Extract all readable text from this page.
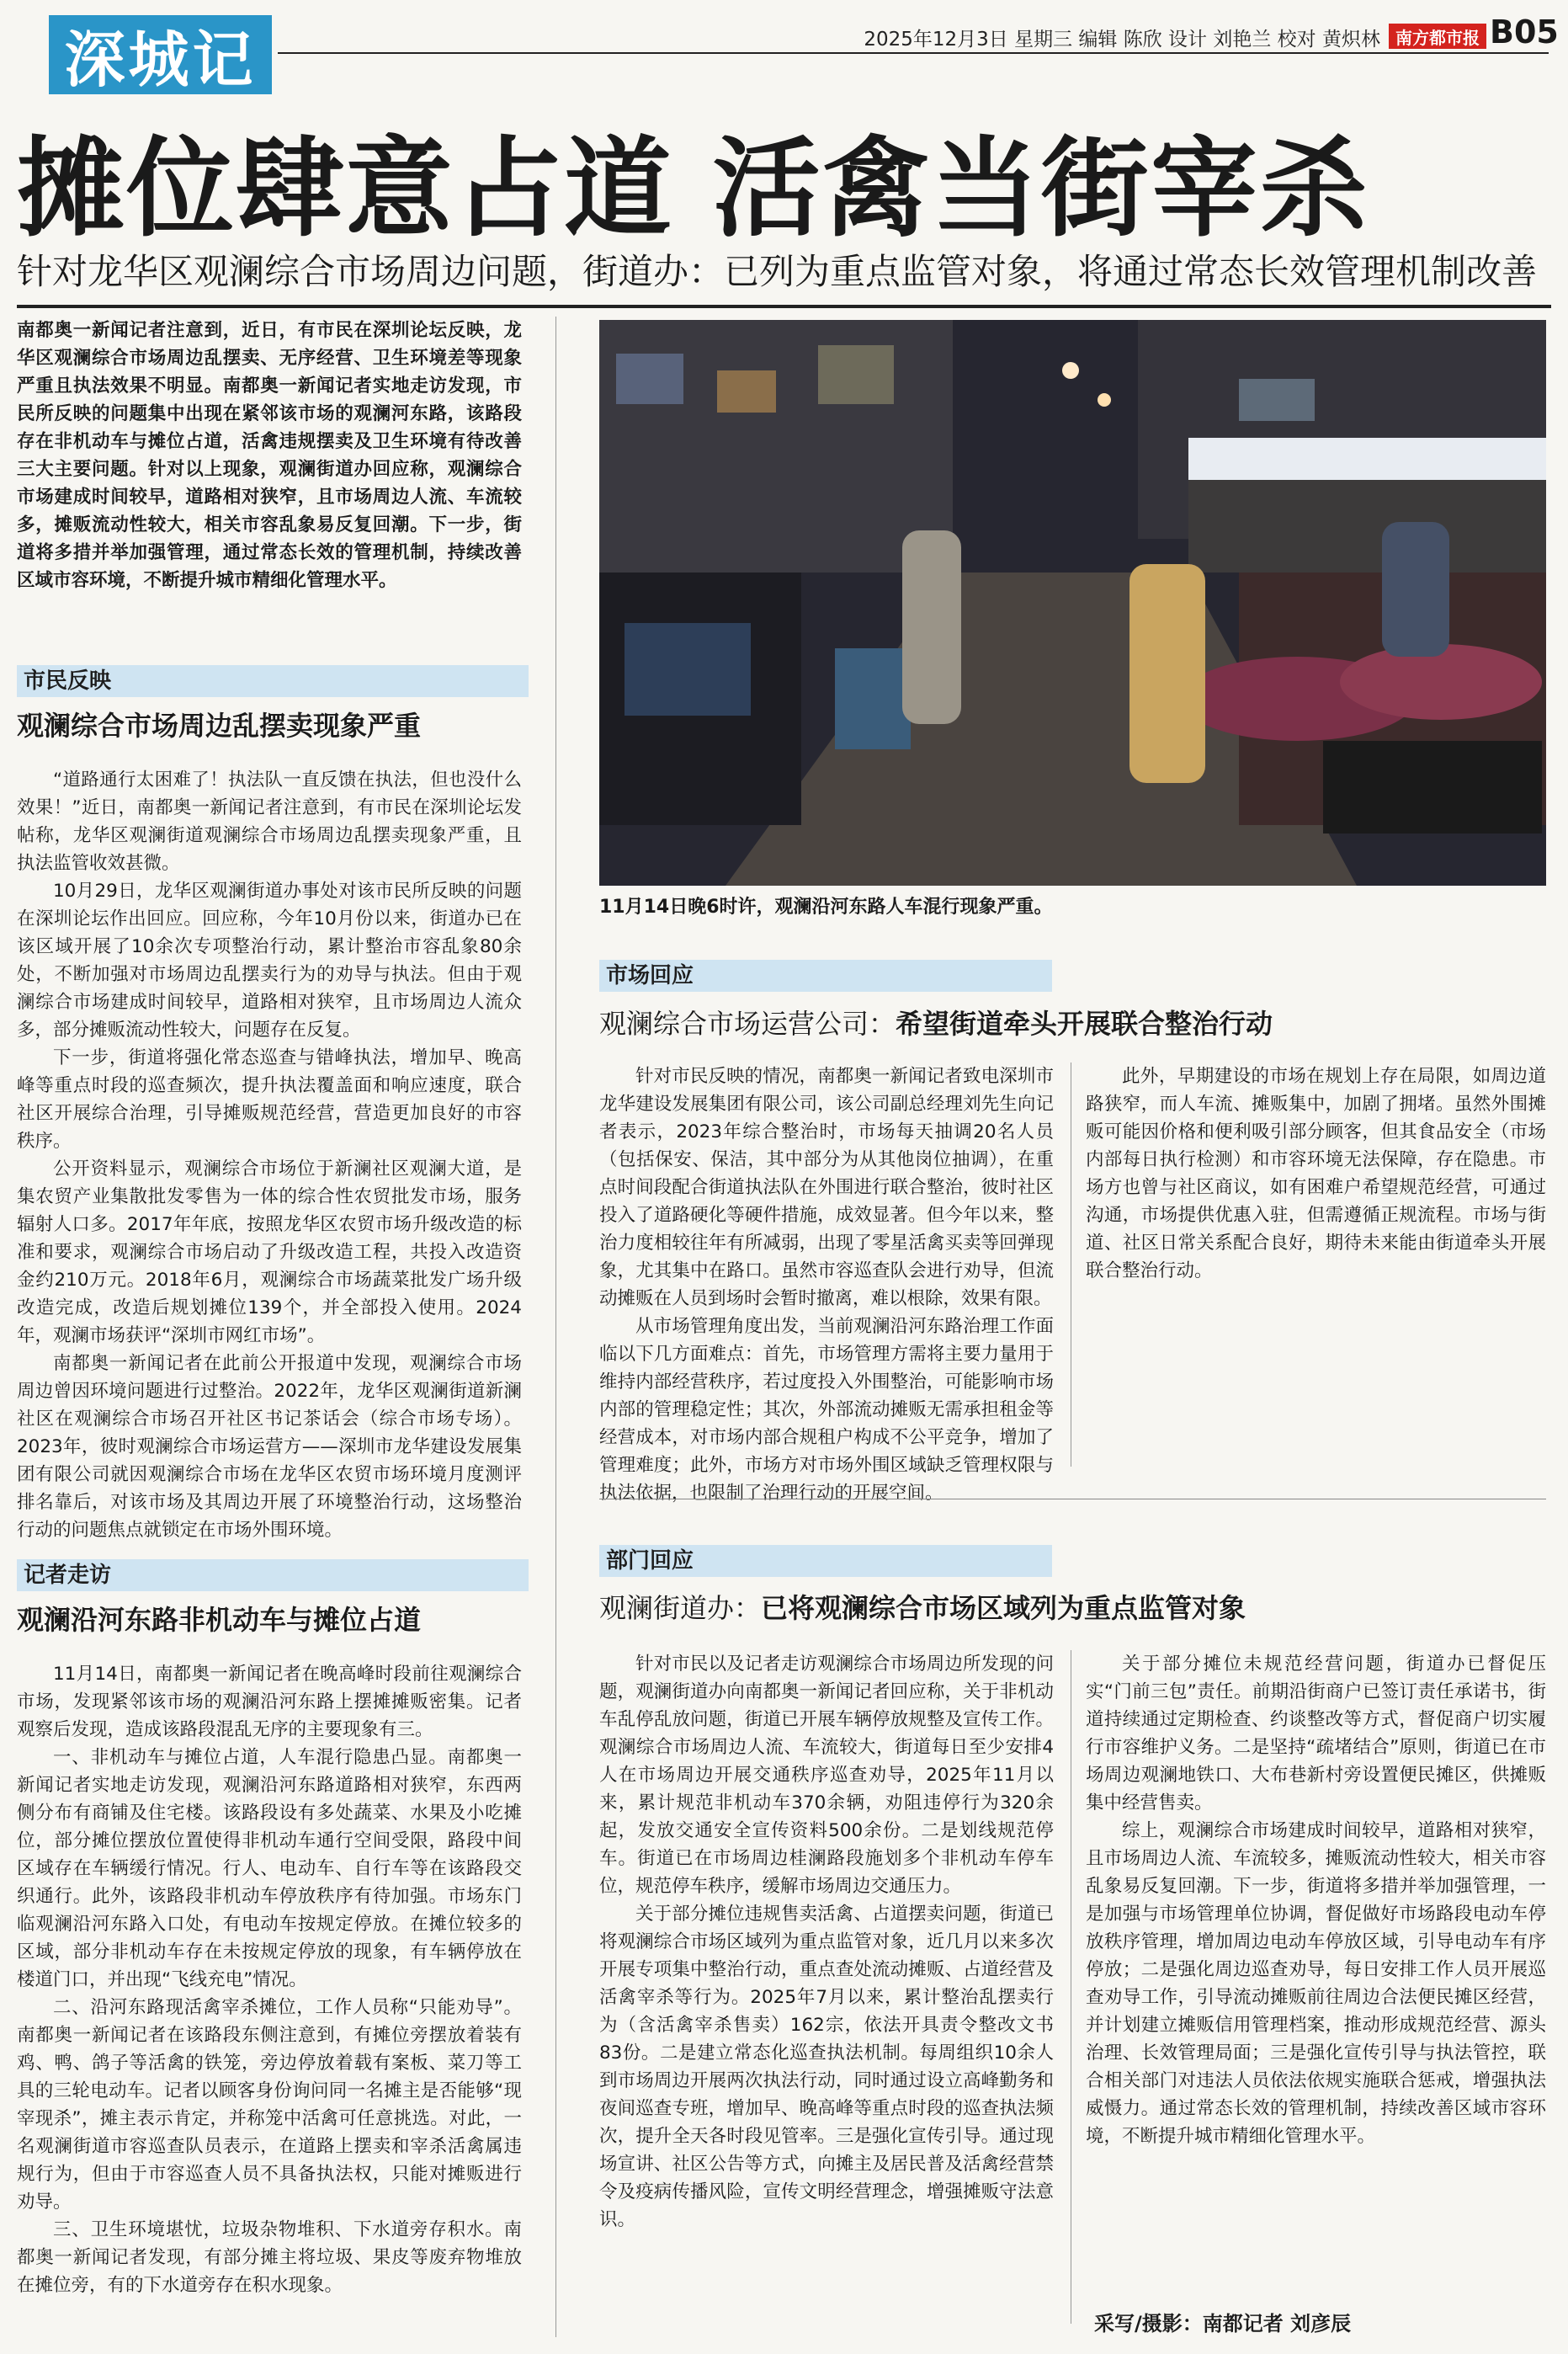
深城记	2025年12月3日 星期三 编辑 陈欣 设计 刘艳兰 校对 黄炽林 南方都市报 B05
摊位肆意占道 活禽当街宰杀
针对龙华区观澜综合市场周边问题，街道办：已列为重点监管对象，将通过常态长效管理机制改善

南都奥一新闻记者注意到，近日，有市民在深圳论坛反映，龙华区观澜综合市场周边乱摆卖、无序经营、卫生环境差等现象严重且执法效果不明显。南都奥一新闻记者实地走访发现，市民所反映的问题集中出现在紧邻该市场的观澜河东路，该路段存在非机动车与摊位占道，活禽违规摆卖及卫生环境有待改善三大主要问题。针对以上现象，观澜街道办回应称，观澜综合市场建成时间较早，道路相对狭窄，且市场周边人流、车流较多，摊贩流动性较大，相关市容乱象易反复回潮。下一步，街道将多措并举加强管理，通过常态长效的管理机制，持续改善区域市容环境，不断提升城市精细化管理水平。

市民反映
观澜综合市场周边乱摆卖现象严重

“道路通行太困难了！执法队一直反馈在执法，但也没什么效果！”近日，南都奥一新闻记者注意到，有市民在深圳论坛发帖称，龙华区观澜街道观澜综合市场周边乱摆卖现象严重，且执法监管收效甚微。

10月29日，龙华区观澜街道办事处对该市民所反映的问题在深圳论坛作出回应。回应称，今年10月份以来，街道办已在该区域开展了10余次专项整治行动，累计整治市容乱象80余处，不断加强对市场周边乱摆卖行为的劝导与执法。但由于观澜综合市场建成时间较早，道路相对狭窄，且市场周边人流众多，部分摊贩流动性较大，问题存在反复。

下一步，街道将强化常态巡查与错峰执法，增加早、晚高峰等重点时段的巡查频次，提升执法覆盖面和响应速度，联合社区开展综合治理，引导摊贩规范经营，营造更加良好的市容秩序。

公开资料显示，观澜综合市场位于新澜社区观澜大道，是集农贸产业集散批发零售为一体的综合性农贸批发市场，服务辐射人口多。2017年年底，按照龙华区农贸市场升级改造的标准和要求，观澜综合市场启动了升级改造工程，共投入改造资金约210万元。2018年6月，观澜综合市场蔬菜批发广场升级改造完成，改造后规划摊位139个，并全部投入使用。2024年，观澜市场获评“深圳市网红市场”。

南都奥一新闻记者在此前公开报道中发现，观澜综合市场周边曾因环境问题进行过整治。2022年，龙华区观澜街道新澜社区在观澜综合市场召开社区书记茶话会（综合市场专场）。2023年，彼时观澜综合市场运营方——深圳市龙华建设发展集团有限公司就因观澜综合市场在龙华区农贸市场环境月度测评排名靠后，对该市场及其周边开展了环境整治行动，这场整治行动的问题焦点就锁定在市场外围环境。

记者走访
观澜沿河东路非机动车与摊位占道

11月14日，南都奥一新闻记者在晚高峰时段前往观澜综合市场，发现紧邻该市场的观澜沿河东路上摆摊摊贩密集。记者观察后发现，造成该路段混乱无序的主要现象有三。

一、非机动车与摊位占道，人车混行隐患凸显。南都奥一新闻记者实地走访发现，观澜沿河东路道路相对狭窄，东西两侧分布有商铺及住宅楼。该路段设有多处蔬菜、水果及小吃摊位，部分摊位摆放位置使得非机动车通行空间受限，路段中间区域存在车辆缓行情况。行人、电动车、自行车等在该路段交织通行。此外，该路段非机动车停放秩序有待加强。市场东门临观澜沿河东路入口处，有电动车按规定停放。在摊位较多的区域，部分非机动车存在未按规定停放的现象，有车辆停放在楼道门口，并出现“飞线充电”情况。

二、沿河东路现活禽宰杀摊位，工作人员称“只能劝导”。南都奥一新闻记者在该路段东侧注意到，有摊位旁摆放着装有鸡、鸭、鸽子等活禽的铁笼，旁边停放着载有案板、菜刀等工具的三轮电动车。记者以顾客身份询问同一名摊主是否能够“现宰现杀”，摊主表示肯定，并称笼中活禽可任意挑选。对此，一名观澜街道市容巡查队员表示，在道路上摆卖和宰杀活禽属违规行为，但由于市容巡查人员不具备执法权，只能对摊贩进行劝导。

三、卫生环境堪忧，垃圾杂物堆积、下水道旁存积水。南都奥一新闻记者发现，有部分摊主将垃圾、果皮等废弃物堆放在摊位旁，有的下水道旁存在积水现象。

11月14日晚6时许，观澜沿河东路人车混行现象严重。
市场回应
观澜综合市场运营公司：希望街道牵头开展联合整治行动

针对市民反映的情况，南都奥一新闻记者致电深圳市龙华建设发展集团有限公司，该公司副总经理刘先生向记者表示，2023年综合整治时，市场每天抽调20名人员（包括保安、保洁，其中部分为从其他岗位抽调），在重点时间段配合街道执法队在外围进行联合整治，彼时社区投入了道路硬化等硬件措施，成效显著。但今年以来，整治力度相较往年有所减弱，出现了零星活禽买卖等回弹现象，尤其集中在路口。虽然市容巡查队会进行劝导，但流动摊贩在人员到场时会暂时撤离，难以根除，效果有限。

从市场管理角度出发，当前观澜沿河东路治理工作面临以下几方面难点：首先，市场管理方需将主要力量用于维持内部经营秩序，若过度投入外围整治，可能影响市场内部的管理稳定性；其次，外部流动摊贩无需承担租金等经营成本，对市场内部合规租户构成不公平竞争，增加了管理难度；此外，市场方对市场外围区域缺乏管理权限与执法依据，也限制了治理行动的开展空间。

此外，早期建设的市场在规划上存在局限，如周边道路狭窄，而人车流、摊贩集中，加剧了拥堵。虽然外围摊贩可能因价格和便利吸引部分顾客，但其食品安全（市场内部每日执行检测）和市容环境无法保障，存在隐患。市场方也曾与社区商议，如有困难户希望规范经营，可通过沟通，市场提供优惠入驻，但需遵循正规流程。市场与街道、社区日常关系配合良好，期待未来能由街道牵头开展联合整治行动。

部门回应
观澜街道办：已将观澜综合市场区域列为重点监管对象

针对市民以及记者走访观澜综合市场周边所发现的问题，观澜街道办向南都奥一新闻记者回应称，关于非机动车乱停乱放问题，街道已开展车辆停放规整及宣传工作。观澜综合市场周边人流、车流较大，街道每日至少安排4人在市场周边开展交通秩序巡查劝导，2025年11月以来，累计规范非机动车370余辆，劝阻违停行为320余起，发放交通安全宣传资料500余份。二是划线规范停车。街道已在市场周边桂澜路段施划多个非机动车停车位，规范停车秩序，缓解市场周边交通压力。

关于部分摊位违规售卖活禽、占道摆卖问题，街道已将观澜综合市场区域列为重点监管对象，近几月以来多次开展专项集中整治行动，重点查处流动摊贩、占道经营及活禽宰杀等行为。2025年7月以来，累计整治乱摆卖行为（含活禽宰杀售卖）162宗，依法开具责令整改文书83份。二是建立常态化巡查执法机制。每周组织10余人到市场周边开展两次执法行动，同时通过设立高峰勤务和夜间巡查专班，增加早、晚高峰等重点时段的巡查执法频次，提升全天各时段见管率。三是强化宣传引导。通过现场宣讲、社区公告等方式，向摊主及居民普及活禽经营禁令及疫病传播风险，宣传文明经营理念，增强摊贩守法意识。

关于部分摊位未规范经营问题，街道办已督促压实“门前三包”责任。前期沿街商户已签订责任承诺书，街道持续通过定期检查、约谈整改等方式，督促商户切实履行市容维护义务。二是坚持“疏堵结合”原则，街道已在市场周边观澜地铁口、大布巷新村旁设置便民摊区，供摊贩集中经营售卖。

综上，观澜综合市场建成时间较早，道路相对狭窄，且市场周边人流、车流较多，摊贩流动性较大，相关市容乱象易反复回潮。下一步，街道将多措并举加强管理，一是加强与市场管理单位协调，督促做好市场路段电动车停放秩序管理，增加周边电动车停放区域，引导电动车有序停放；二是强化周边巡查劝导，每日安排工作人员开展巡查劝导工作，引导流动摊贩前往周边合法便民摊区经营，并计划建立摊贩信用管理档案，推动形成规范经营、源头治理、长效管理局面；三是强化宣传引导与执法管控，联合相关部门对违法人员依法依规实施联合惩戒，增强执法威慑力。通过常态长效的管理机制，持续改善区域市容环境，不断提升城市精细化管理水平。

采写/摄影：南都记者 刘彦辰
